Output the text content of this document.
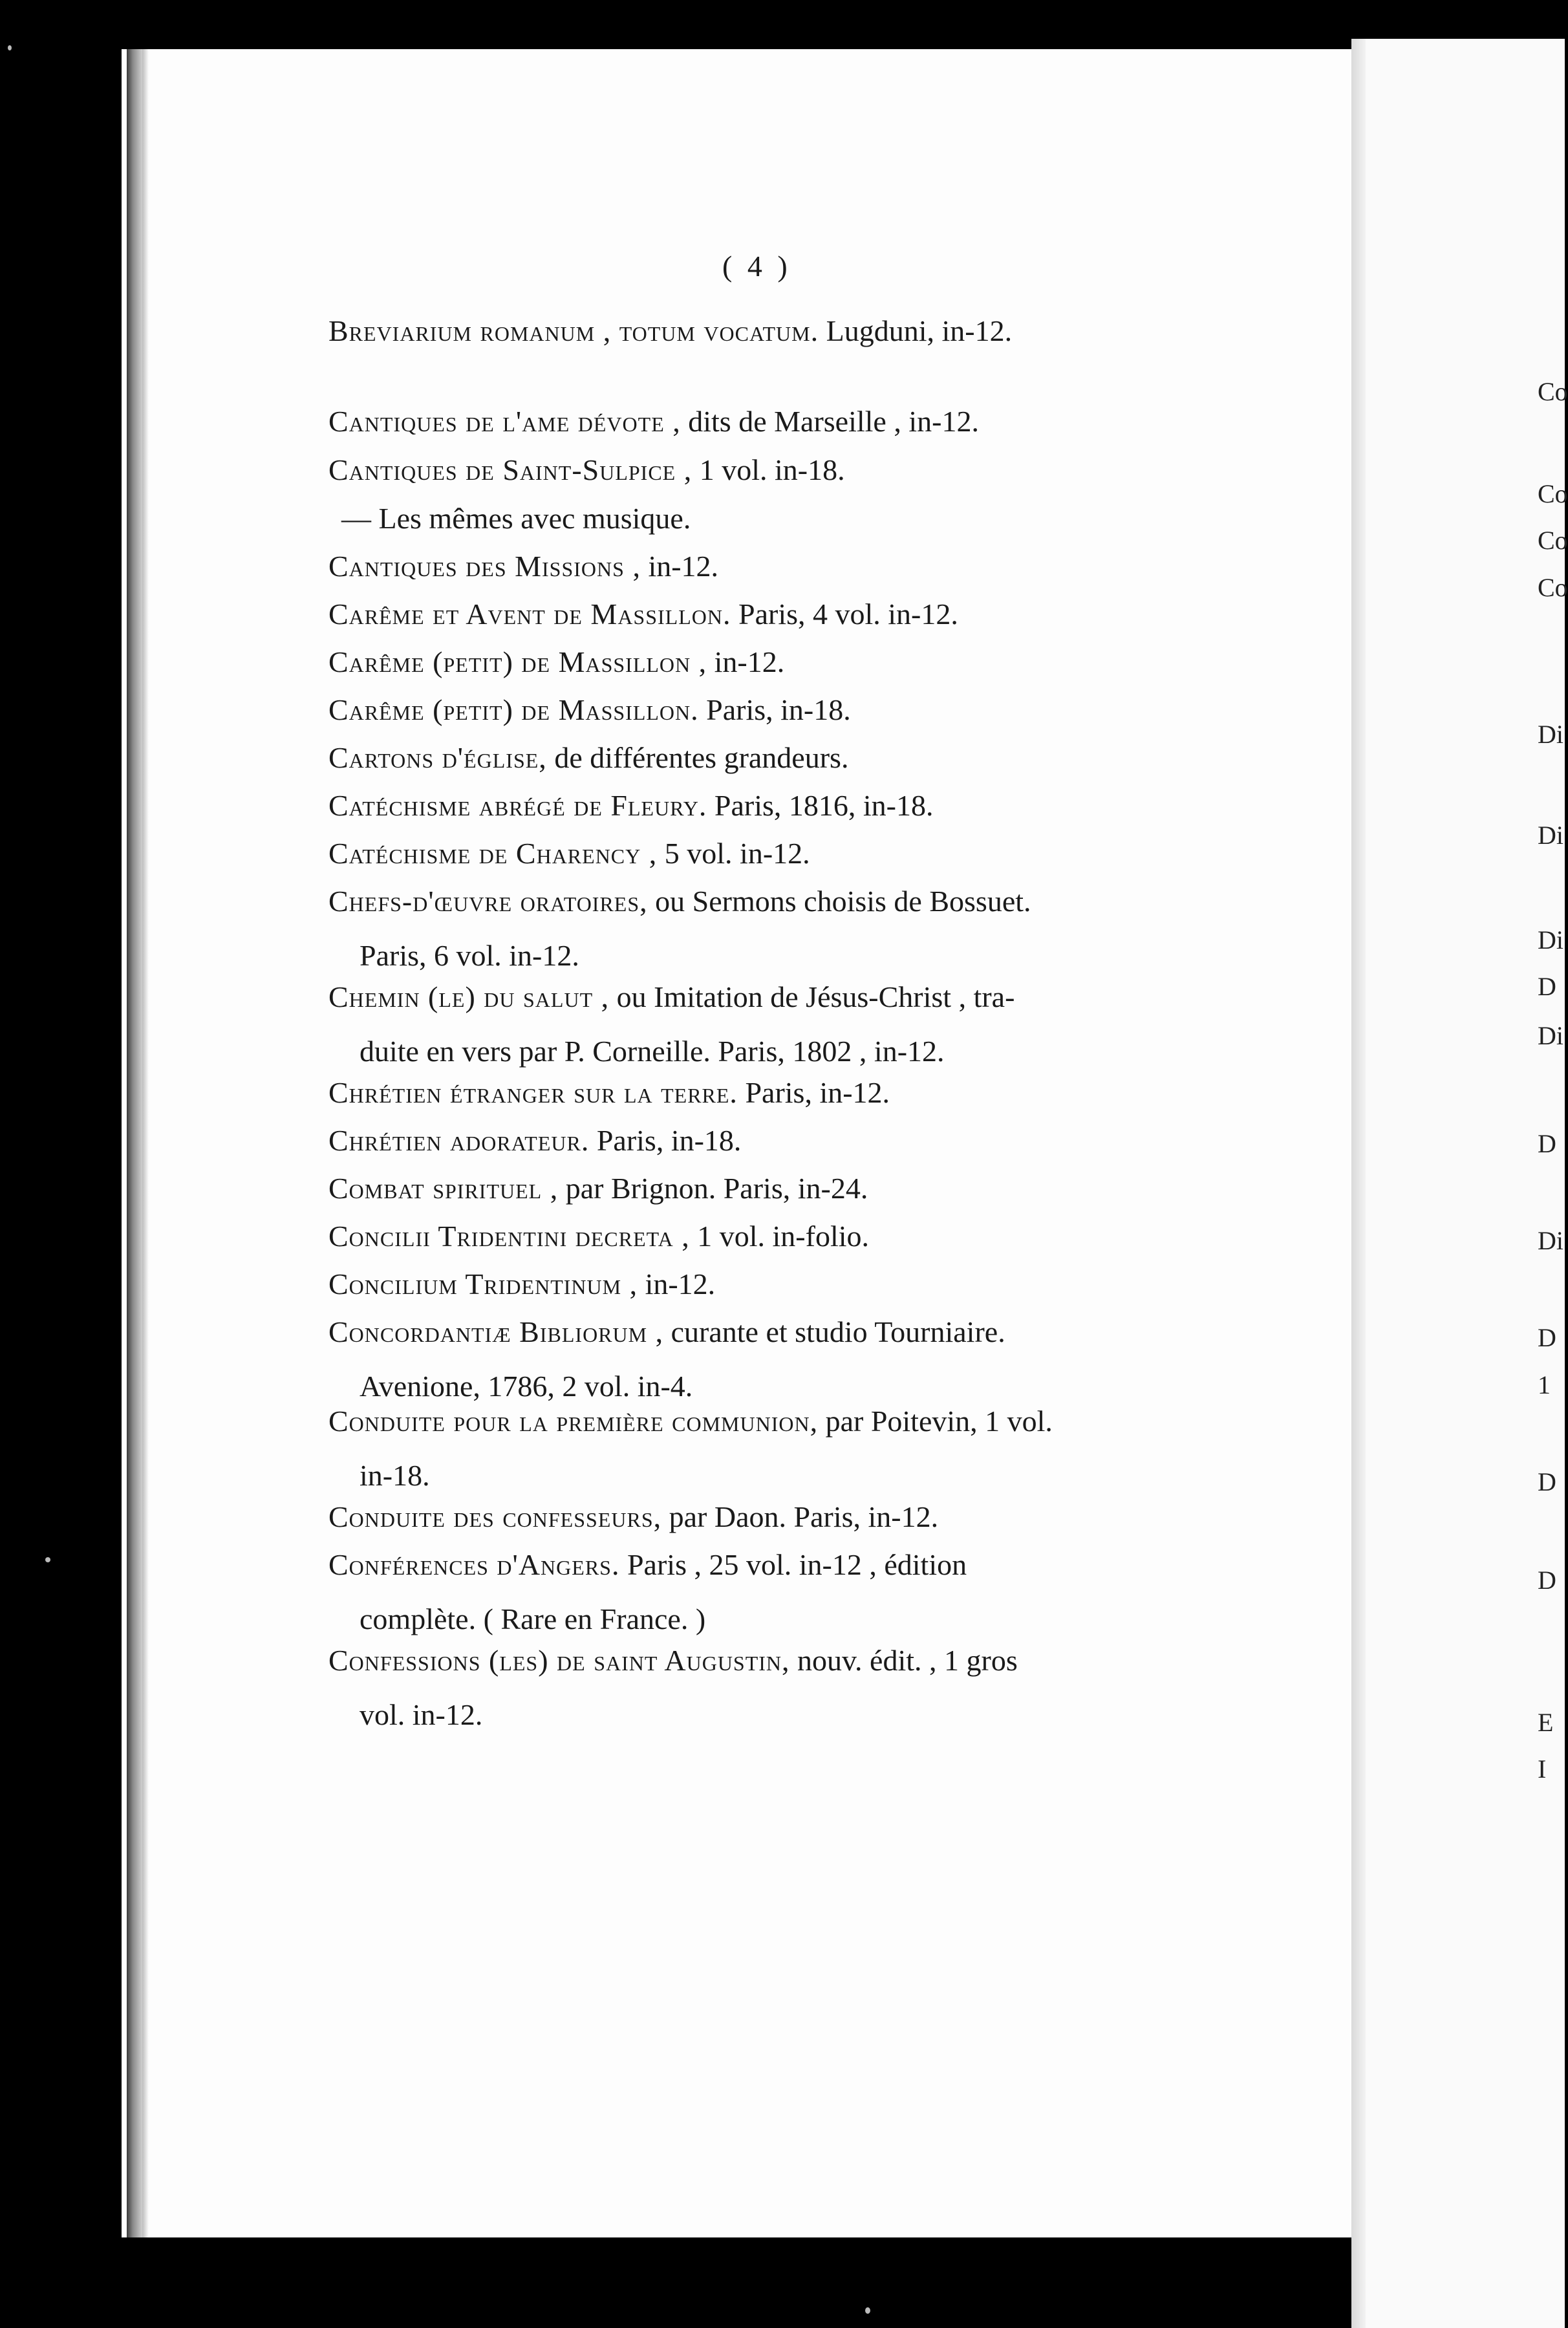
( 4 )
Breviarium romanum , totum vocatum. Lugduni, in-12.
Cantiques de l'ame dévote , dits de Marseille , in-12.
Cantiques de Saint-Sulpice , 1 vol. in-18.
— Les mêmes avec musique.
Cantiques des Missions , in-12.
Carême et Avent de Massillon. Paris, 4 vol. in-12.
Carême (petit) de Massillon , in-12.
Carême (petit) de Massillon. Paris, in-18.
Cartons d'église, de différentes grandeurs.
Catéchisme abrégé de Fleury. Paris, 1816, in-18.
Catéchisme de Charency , 5 vol. in-12.
Chefs-d'œuvre oratoires, ou Sermons choisis de Bossuet.
Paris, 6 vol. in-12.
Chemin (le) du salut , ou Imitation de Jésus-Christ , tra-
duite en vers par P. Corneille. Paris, 1802 , in-12.
Chrétien étranger sur la terre. Paris, in-12.
Chrétien adorateur. Paris, in-18.
Combat spirituel , par Brignon. Paris, in-24.
Concilii Tridentini decreta , 1 vol. in-folio.
Concilium Tridentinum , in-12.
Concordantiæ Bibliorum , curante et studio Tourniaire.
Avenione, 1786, 2 vol. in-4.
Conduite pour la première communion, par Poitevin, 1 vol.
in-18.
Conduite des confesseurs, par Daon. Paris, in-12.
Conférences d'Angers. Paris , 25 vol. in-12 , édition
complète. ( Rare en France. )
Confessions (les) de saint Augustin, nouv. édit. , 1 gros
vol. in-12.
Co
Co
Co
Co
Di
Di
Di
D
Di
D
Di
D
1
D
D
E
I
